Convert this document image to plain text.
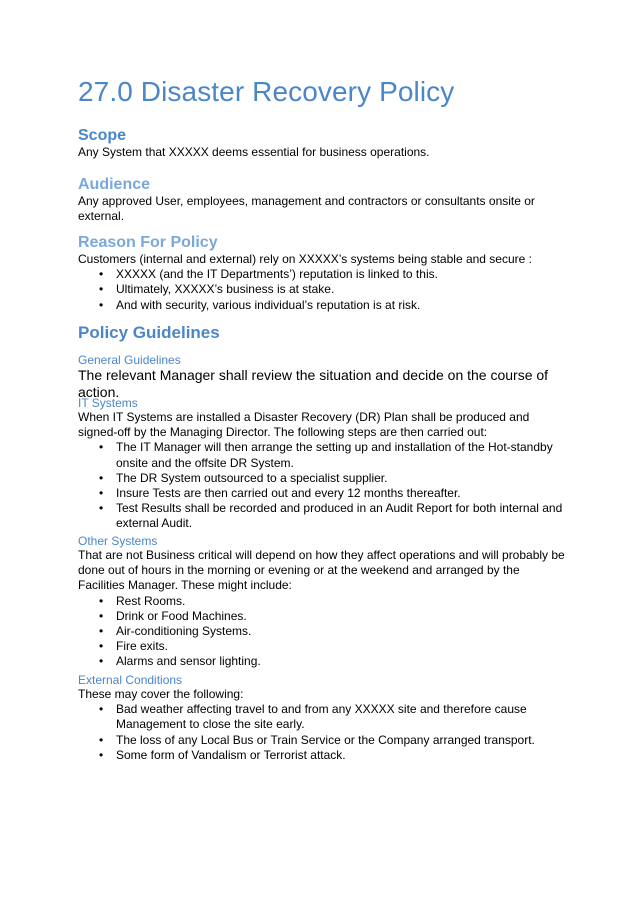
27.0 Disaster Recovery Policy
Scope

Any System that XXXXX deems essential for business operations.

Audience

Any approved User, employees, management and contractors or consultants onsite or external.

Reason For Policy

Customers (internal and external) rely on XXXXX’s systems being stable and secure :

• XXXXX (and the IT Departments’) reputation is linked to this.
• Ultimately, XXXXX’s business is at stake.
• And with security, various individual’s reputation is at risk.
Policy Guidelines
General Guidelines

The relevant Manager shall review the situation and decide on the course of action.

IT Systems

When IT Systems are installed a Disaster Recovery (DR) Plan shall be produced and signed-off by the Managing Director. The following steps are then carried out:

• The IT Manager will then arrange the setting up and installation of the Hot-standby onsite and the offsite DR System.
• The DR System outsourced to a specialist supplier.
• Insure Tests are then carried out and every 12 months thereafter.
• Test Results shall be recorded and produced in an Audit Report for both internal and external Audit.
Other Systems

That are not Business critical will depend on how they affect operations and will probably be done out of hours in the morning or evening or at the weekend and arranged by the Facilities Manager. These might include:

• Rest Rooms.
• Drink or Food Machines.
• Air-conditioning Systems.
• Fire exits.
• Alarms and sensor lighting.
External Conditions

These may cover the following:

• Bad weather affecting travel to and from any XXXXX site and therefore cause Management to close the site early.
• The loss of any Local Bus or Train Service or the Company arranged transport.
• Some form of Vandalism or Terrorist attack.
